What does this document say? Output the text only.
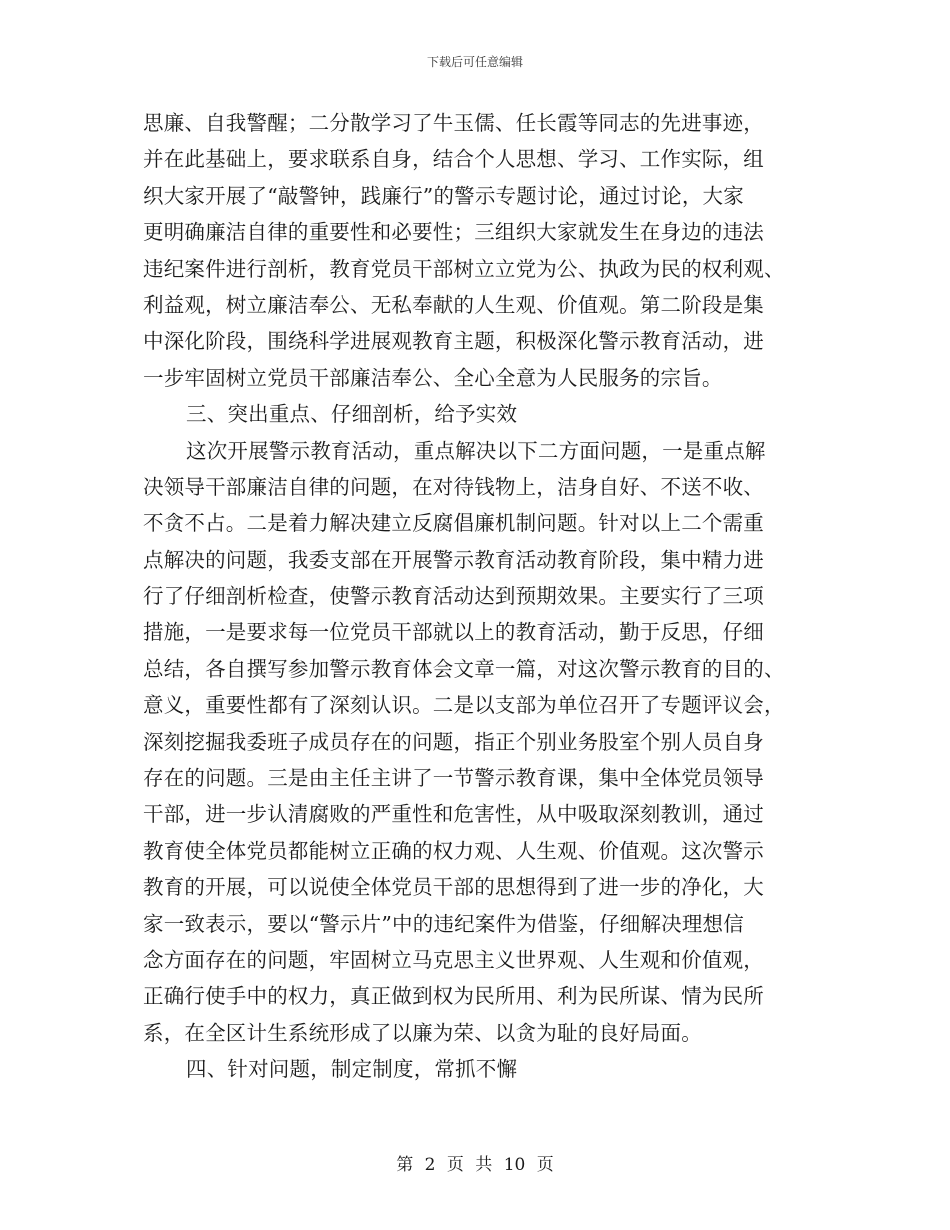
下载后可任意编辑
思廉、自我警醒；二分散学习了牛玉儒、任长霞等同志的先进事迹，
并在此基础上，要求联系自身，结合个人思想、学习、工作实际，组
织大家开展了“敲警钟，践廉行”的警示专题讨论，通过讨论，大家
更明确廉洁自律的重要性和必要性；三组织大家就发生在身边的违法
违纪案件进行剖析，教育党员干部树立立党为公、执政为民的权利观、
利益观，树立廉洁奉公、无私奉献的人生观、价值观。第二阶段是集
中深化阶段，围绕科学进展观教育主题，积极深化警示教育活动，进
一步牢固树立党员干部廉洁奉公、全心全意为人民服务的宗旨。
三、突出重点、仔细剖析，给予实效
这次开展警示教育活动，重点解决以下二方面问题，一是重点解
决领导干部廉洁自律的问题，在对待钱物上，洁身自好、不送不收、
不贪不占。二是着力解决建立反腐倡廉机制问题。针对以上二个需重
点解决的问题，我委支部在开展警示教育活动教育阶段，集中精力进
行了仔细剖析检查，使警示教育活动达到预期效果。主要实行了三项
措施，一是要求每一位党员干部就以上的教育活动，勤于反思，仔细
总结，各自撰写参加警示教育体会文章一篇，对这次警示教育的目的、
意义，重要性都有了深刻认识。二是以支部为单位召开了专题评议会，
深刻挖掘我委班子成员存在的问题，指正个别业务股室个别人员自身
存在的问题。三是由主任主讲了一节警示教育课，集中全体党员领导
干部，进一步认清腐败的严重性和危害性，从中吸取深刻教训，通过
教育使全体党员都能树立正确的权力观、人生观、价值观。这次警示
教育的开展，可以说使全体党员干部的思想得到了进一步的净化，大
家一致表示，要以“警示片”中的违纪案件为借鉴，仔细解决理想信
念方面存在的问题，牢固树立马克思主义世界观、人生观和价值观，
正确行使手中的权力，真正做到权为民所用、利为民所谋、情为民所
系，在全区计生系统形成了以廉为荣、以贪为耻的良好局面。
四、针对问题，制定制度，常抓不懈
第 2 页 共 10 页
